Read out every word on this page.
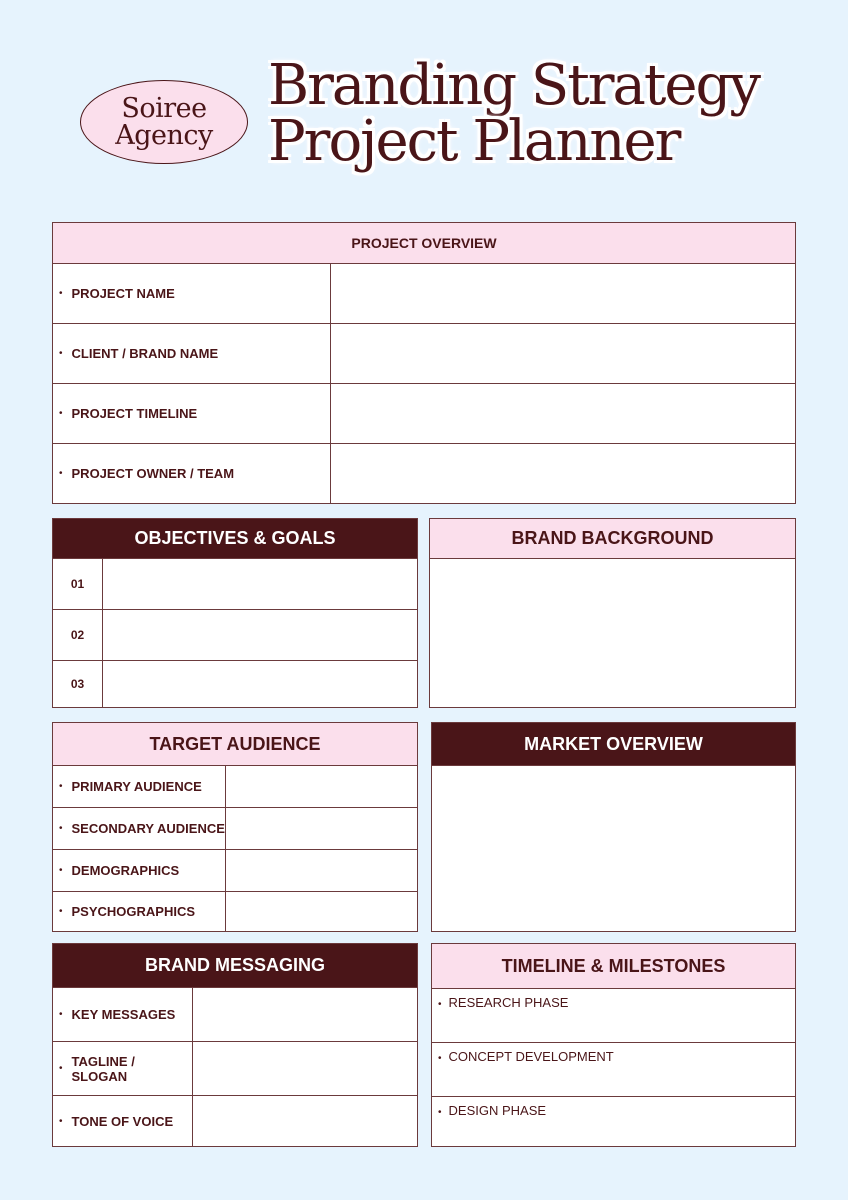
Soiree
Agency
Branding Strategy
Project Planner
PROJECT OVERVIEW
• PROJECT NAME
• CLIENT / BRAND NAME
• PROJECT TIMELINE
• PROJECT OWNER / TEAM
OBJECTIVES & GOALS
01
02
03
BRAND BACKGROUND
TARGET AUDIENCE
• PRIMARY AUDIENCE
• SECONDARY AUDIENCE
• DEMOGRAPHICS
• PSYCHOGRAPHICS
MARKET OVERVIEW
BRAND MESSAGING
• KEY MESSAGES
• TAGLINE / SLOGAN
• TONE OF VOICE
TIMELINE & MILESTONES
• RESEARCH PHASE
• CONCEPT DEVELOPMENT
• DESIGN PHASE
